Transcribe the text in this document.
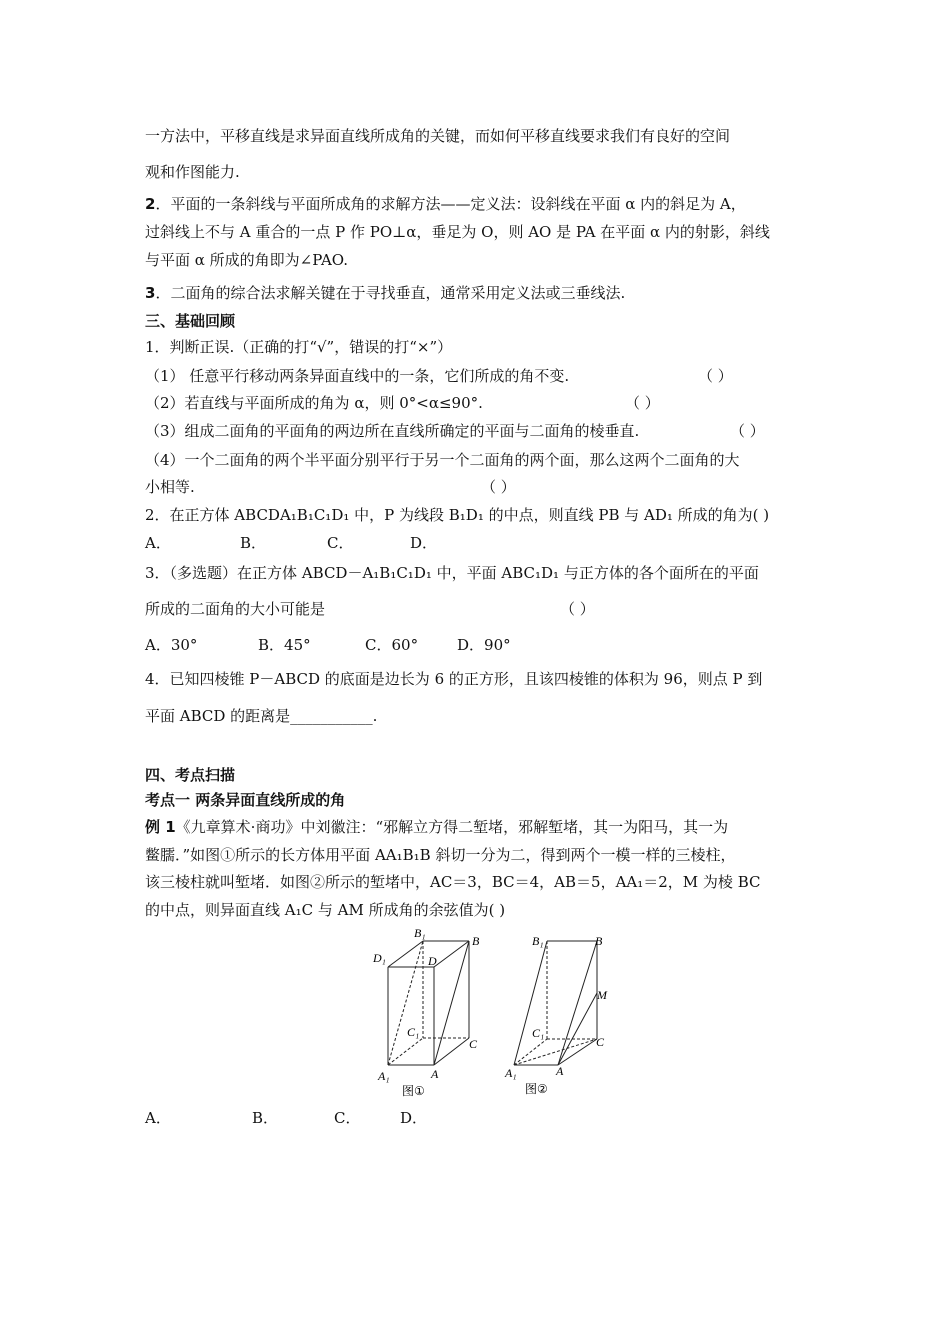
一方法中，平移直线是求异面直线所成角的关键，而如何平移直线要求我们有良好的空间
观和作图能力.
2．平面的一条斜线与平面所成角的求解方法——定义法：设斜线在平面 α 内的斜足为 A，
过斜线上不与 A 重合的一点 P 作 PO⊥α，垂足为 O，则 AO 是 PA 在平面 α 内的射影，斜线
与平面 α 所成的角即为∠PAO.
3．二面角的综合法求解关键在于寻找垂直，通常采用定义法或三垂线法.
三、基础回顾
1．判断正误.（正确的打“√”，错误的打“×”）
（1） 任意平行移动两条异面直线中的一条，它们所成的角不变.	（ ）
（2）若直线与平面所成的角为 α，则 0°<α≤90°.	（ ）
（3）组成二面角的平面角的两边所在直线所确定的平面与二面角的棱垂直.	（ ）
（4）一个二面角的两个半平面分别平行于另一个二面角的两个面，那么这两个二面角的大
小相等.	（ ）
2．在正方体 ABCDA₁B₁C₁D₁ 中，P 为线段 B₁D₁ 的中点，则直线 PB 与 AD₁ 所成的角为( )
A．	B．	C．	D．
3．（多选题）在正方体 ABCD－A₁B₁C₁D₁ 中，平面 ABC₁D₁ 与正方体的各个面所在的平面
所成的二面角的大小可能是	（ ）
A．30°	B．45°	C．60°	D．90°
4．已知四棱锥 P－ABCD 的底面是边长为 6 的正方形，且该四棱锥的体积为 96，则点 P 到
平面 ABCD 的距离是___________.
四、考点扫描
考点一 两条异面直线所成的角
例 1《九章算术·商功》中刘徽注：“邪解立方得二堑堵，邪解堑堵，其一为阳马，其一为
鳖臑．”如图①所示的长方体用平面 AA₁B₁B 斜切一分为二，得到两个一模一样的三棱柱，
该三棱柱就叫堑堵．如图②所示的堑堵中，AC＝3，BC＝4，AB＝5，AA₁＝2，M 为棱 BC
的中点，则异面直线 A₁C 与 AM 所成角的余弦值为( )
B₁
B
D₁	D
C₁
C
A₁	A
图①
B₁	B
M
C₁
C
A₁	A
图②
A．	B．	C．	D．
